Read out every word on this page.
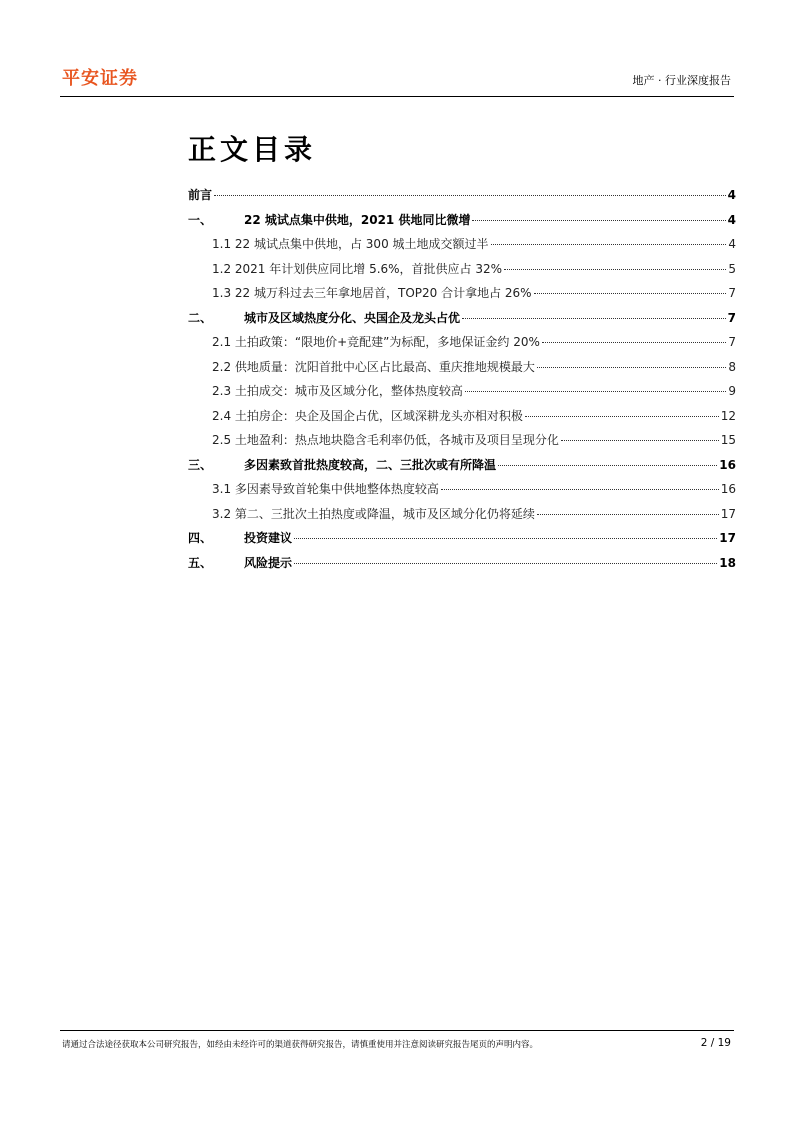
平安证券	地产 · 行业深度报告
正文目录
前言	4
一、	22 城试点集中供地，2021 供地同比微增	4
1.1 22 城试点集中供地，占 300 城土地成交额过半	4
1.2 2021 年计划供应同比增 5.6%，首批供应占 32%	5
1.3 22 城万科过去三年拿地居首，TOP20 合计拿地占 26%	7
二、	城市及区域热度分化、央国企及龙头占优	7
2.1 土拍政策：“限地价+竞配建”为标配，多地保证金约 20%	7
2.2 供地质量：沈阳首批中心区占比最高、重庆推地规模最大	8
2.3 土拍成交：城市及区域分化，整体热度较高	9
2.4 土拍房企：央企及国企占优，区域深耕龙头亦相对积极	12
2.5 土地盈利：热点地块隐含毛利率仍低，各城市及项目呈现分化	15
三、	多因素致首批热度较高，二、三批次或有所降温	16
3.1 多因素导致首轮集中供地整体热度较高	16
3.2 第二、三批次土拍热度或降温，城市及区域分化仍将延续	17
四、	投资建议	17
五、	风险提示	18
请通过合法途径获取本公司研究报告，如经由未经许可的渠道获得研究报告，请慎重使用并注意阅读研究报告尾页的声明内容。	2 / 19
